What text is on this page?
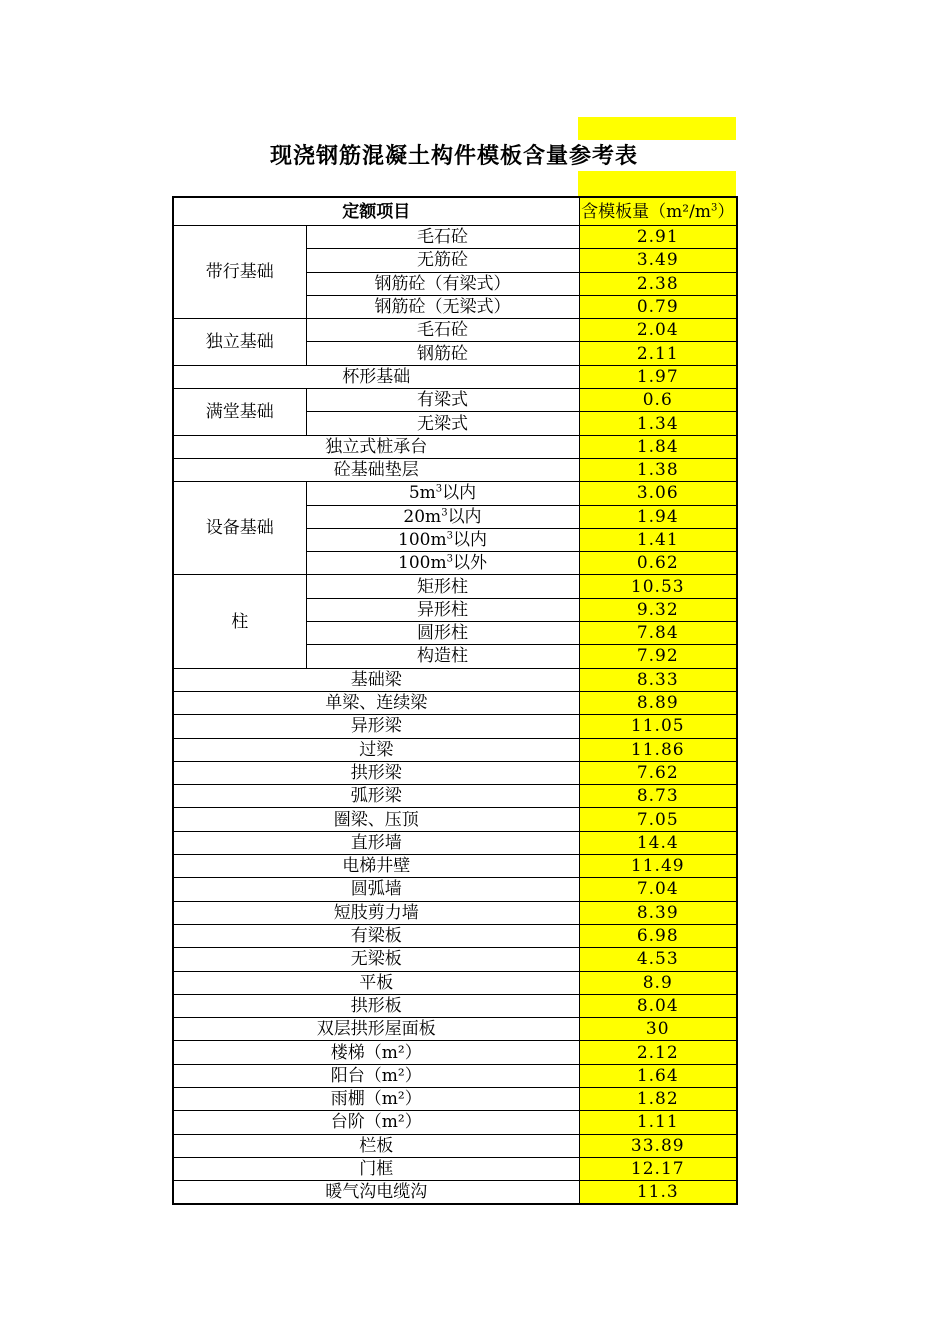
现浇钢筋混凝土构件模板含量参考表
定额项目		含模板量$(m^2/m^3)$
带行基础	毛石砼	2.91
	无筋砼	3.49
	钢筋砼（有梁式）	2.38
	钢筋砼（无梁式）	0.79
独立基础	毛石砼	2.04
	钢筋砼	2.11
杯形基础		1.97
满堂基础	有梁式	0.6
	无梁式	1.34
独立式桩承台		1.84
砼基础垫层		1.38
设备基础	$5m^3$以内	3.06
	$20m^3$以内	1.94
	$100m^3$以内	1.41
	$100m^3$以外	0.62
柱	矩形柱	10.53
	异形柱	9.32
	圆形柱	7.84
	构造柱	7.92
基础梁		8.33
单梁、连续梁		8.89
异形梁		11.05
过梁		11.86
拱形梁		7.62
弧形梁		8.73
圈梁、压顶		7.05
直形墙		14.4
电梯井壁		11.49
圆弧墙		7.04
短肢剪力墙		8.39
有梁板		6.98
无梁板		4.53
平板		8.9
拱形板		8.04
双层拱形屋面板		30
楼梯（m²）		2.12
阳台（m²）		1.64
雨棚（m²）		1.82
台阶（m²）		1.11
栏板		33.89
门框		12.17
暖气沟电缆沟		11.3
